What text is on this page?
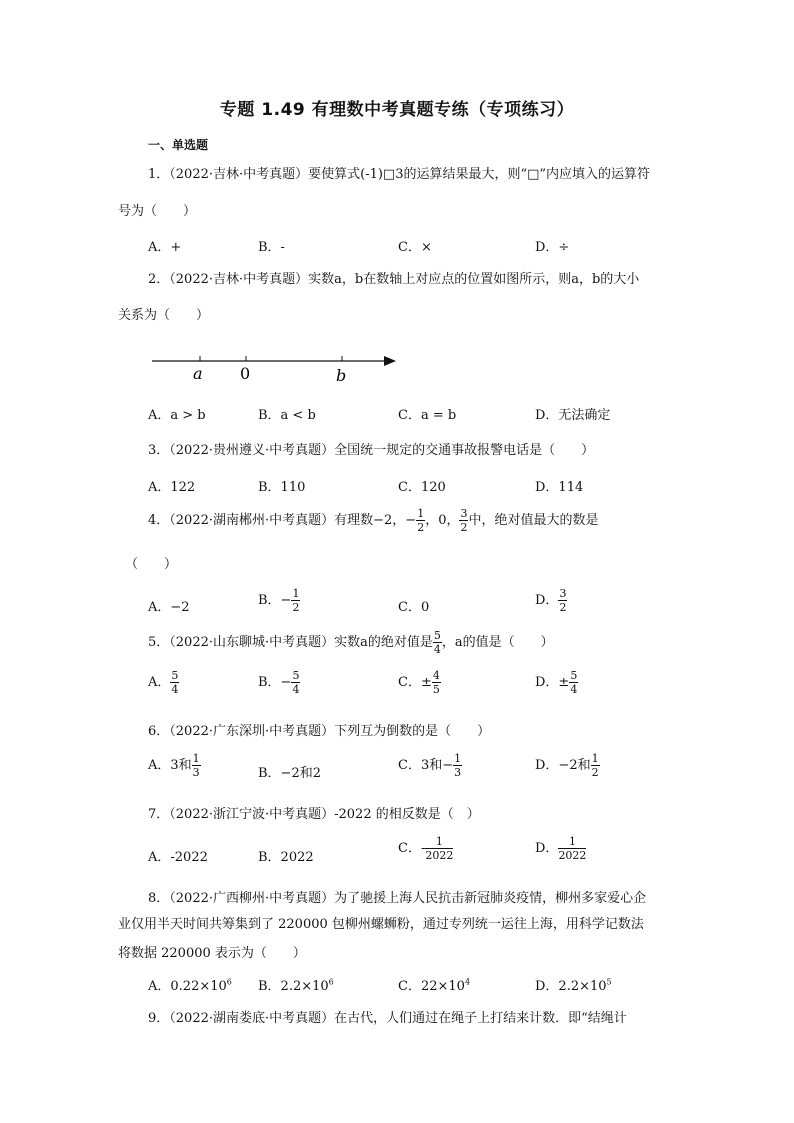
专题 1.49 有理数中考真题专练（专项练习）
一、单选题
1．（2022·吉林·中考真题）要使算式(-1)□3的运算结果最大，则“□”内应填入的运算符
号为（　　）
A．+	B．-	C．×	D．÷
2．（2022·吉林·中考真题）实数a，b在数轴上对应点的位置如图所示，则a，b的大小
关系为（　　）
a 0	b
A．a > b	B．a < b	C．a = b	D．无法确定
3．（2022·贵州遵义·中考真题）全国统一规定的交通事故报警电话是（　　）
A．122	B．110	C．120	D．114
4．（2022·湖南郴州·中考真题）有理数−2，− $\frac{1}{2}$ ，0， $\frac{3}{2}$ 中，绝对值最大的数是
（　　）
A．−2	B．− $\frac{1}{2}$	C．0	D． $\frac{3}{2}$
5．（2022·山东聊城·中考真题）实数a的绝对值是 $\frac{5}{4}$ ，a的值是（　　）
A． $\frac{5}{4}$	B．− $\frac{5}{4}$	C．± $\frac{4}{5}$	D．± $\frac{5}{4}$
6．（2022·广东深圳·中考真题）下列互为倒数的是（　　）
A．3和 $\frac{1}{3}$	B．−2和2
C．3和− $\frac{1}{3}$	D．−2和 $\frac{1}{2}$
7．（2022·浙江宁波·中考真题）-2022 的相反数是（　）
A．-2022	B．2022
C．- $\frac{1}{2022}$	D． $\frac{1}{2022}$
8．（2022·广西柳州·中考真题）为了驰援上海人民抗击新冠肺炎疫情，柳州多家爱心企
业仅用半天时间共筹集到了 220000 包柳州螺蛳粉，通过专列统一运往上海，用科学记数法
将数据 220000 表示为（　　）
A．$0.22\times 10^6$ B．$2.2\times 10^6$	C．$22\times 10^4$	D．$2.2\times 10^5$
9．（2022·湖南娄底·中考真题）在古代，人们通过在绳子上打结来计数．即“结绳计
